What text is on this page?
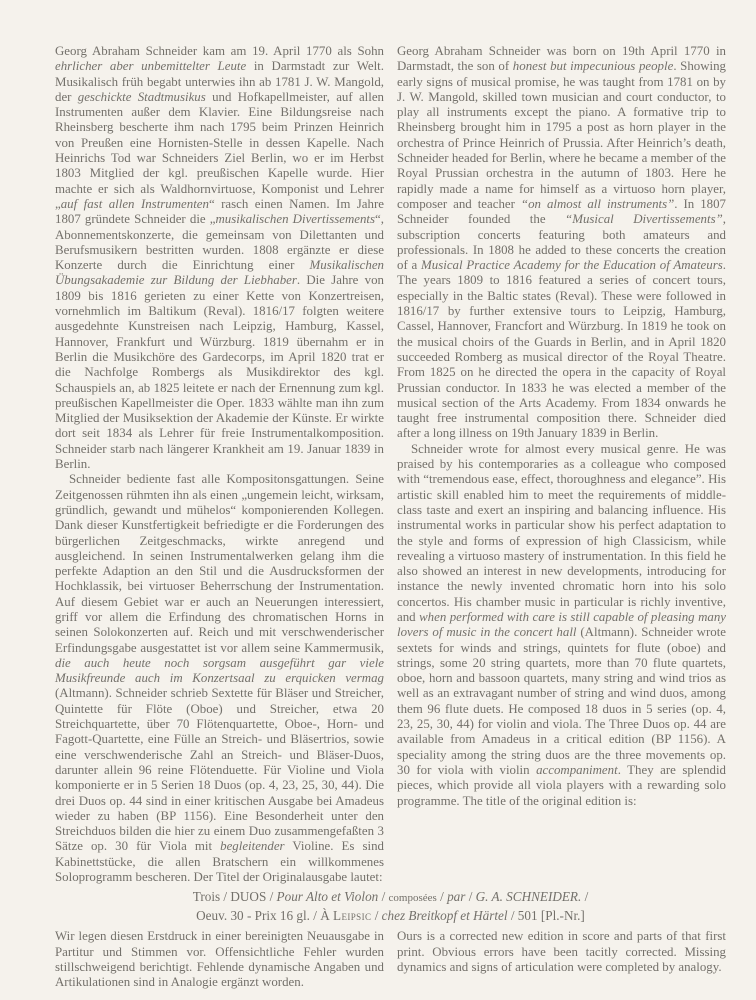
Georg Abraham Schneider kam am 19. April 1770 als Sohn ehrlicher aber unbemittelter Leute in Darmstadt zur Welt. Musikalisch früh begabt unterwies ihn ab 1781 J. W. Mangold, der geschickte Stadtmusikus und Hofkapellmeister, auf allen Instrumenten außer dem Klavier. Eine Bildungsreise nach Rheinsberg bescherte ihm nach 1795 beim Prinzen Heinrich von Preußen eine Hornisten-Stelle in dessen Kapelle. Nach Heinrichs Tod war Schneiders Ziel Berlin, wo er im Herbst 1803 Mitglied der kgl. preußischen Kapelle wurde. Hier machte er sich als Waldhornvirtuose, Komponist und Lehrer „auf fast allen Instrumenten“ rasch einen Namen. Im Jahre 1807 gründete Schneider die „musikalischen Divertissements“, Abonnementskonzerte, die gemeinsam von Dilettanten und Berufsmusikern bestritten wurden. 1808 ergänzte er diese Konzerte durch die Einrichtung einer Musikalischen Übungsakademie zur Bildung der Liebhaber. Die Jahre von 1809 bis 1816 gerieten zu einer Kette von Konzertreisen, vornehmlich im Baltikum (Reval). 1816/17 folgten weitere ausgedehnte Kunstreisen nach Leipzig, Hamburg, Kassel, Hannover, Frankfurt und Würzburg. 1819 übernahm er in Berlin die Musikchöre des Gardecorps, im April 1820 trat er die Nachfolge Rombergs als Musikdirektor des kgl. Schauspiels an, ab 1825 leitete er nach der Ernennung zum kgl. preußischen Kapellmeister die Oper. 1833 wählte man ihn zum Mitglied der Musiksektion der Akademie der Künste. Er wirkte dort seit 1834 als Lehrer für freie Instrumentalkomposition. Schneider starb nach längerer Krankheit am 19. Januar 1839 in Berlin.

Schneider bediente fast alle Kompositonsgattungen. Seine Zeitgenossen rühmten ihn als einen „ungemein leicht, wirksam, gründlich, gewandt und mühelos“ komponierenden Kollegen. Dank dieser Kunstfertigkeit befriedigte er die Forderungen des bürgerlichen Zeitgeschmacks, wirkte anregend und ausgleichend. In seinen Instrumentalwerken gelang ihm die perfekte Adaption an den Stil und die Ausdrucksformen der Hochklassik, bei virtuoser Beherrschung der Instrumentation. Auf diesem Gebiet war er auch an Neuerungen interessiert, griff vor allem die Erfindung des chromatischen Horns in seinen Solokonzerten auf. Reich und mit verschwenderischer Erfindungsgabe ausgestattet ist vor allem seine Kammermusik, die auch heute noch sorgsam ausgeführt gar viele Musikfreunde auch im Konzertsaal zu erquicken vermag (Altmann). Schneider schrieb Sextette für Bläser und Streicher, Quintette für Flöte (Oboe) und Streicher, etwa 20 Streichquartette, über 70 Flötenquartette, Oboe-, Horn- und Fagott-Quartette, eine Fülle an Streich- und Bläsertrios, sowie eine verschwenderische Zahl an Streich- und Bläser-Duos, darunter allein 96 reine Flötenduette. Für Violine und Viola komponierte er in 5 Serien 18 Duos (op. 4, 23, 25, 30, 44). Die drei Duos op. 44 sind in einer kritischen Ausgabe bei Amadeus wieder zu haben (BP 1156). Eine Besonderheit unter den Streichduos bilden die hier zu einem Duo zusammengefaßten 3 Sätze op. 30 für Viola mit begleitender Violine. Es sind Kabinettstücke, die allen Bratschern ein willkommenes Soloprogramm bescheren. Der Titel der Originalausgabe lautet:

Georg Abraham Schneider was born on 19th April 1770 in Darmstadt, the son of honest but impecunious people. Showing early signs of musical promise, he was taught from 1781 on by J. W. Mangold, skilled town musician and court conductor, to play all instruments except the piano. A formative trip to Rheinsberg brought him in 1795 a post as horn player in the orchestra of Prince Heinrich of Prussia. After Heinrich’s death, Schneider headed for Berlin, where he became a member of the Royal Prussian orchestra in the autumn of 1803. Here he rapidly made a name for himself as a virtuoso horn player, composer and teacher “on almost all instruments”. In 1807 Schneider founded the “Musical Divertissements”, subscription concerts featuring both amateurs and professionals. In 1808 he added to these concerts the creation of a Musical Practice Academy for the Education of Amateurs. The years 1809 to 1816 featured a series of concert tours, especially in the Baltic states (Reval). These were followed in 1816/17 by further extensive tours to Leipzig, Hamburg, Cassel, Hannover, Francfort and Würzburg. In 1819 he took on the musical choirs of the Guards in Berlin, and in April 1820 succeeded Romberg as musical director of the Royal Theatre. From 1825 on he directed the opera in the capacity of Royal Prussian conductor. In 1833 he was elected a member of the musical section of the Arts Academy. From 1834 onwards he taught free instrumental composition there. Schneider died after a long illness on 19th January 1839 in Berlin.

Schneider wrote for almost every musical genre. He was praised by his contemporaries as a colleague who composed with “tremendous ease, effect, thoroughness and elegance”. His artistic skill enabled him to meet the requirements of middle-class taste and exert an inspiring and balancing influence. His instrumental works in particular show his perfect adaptation to the style and forms of expression of high Classicism, while revealing a virtuoso mastery of instrumentation. In this field he also showed an interest in new developments, introducing for instance the newly invented chromatic horn into his solo concertos. His chamber music in particular is richly inventive, and when performed with care is still capable of pleasing many lovers of music in the concert hall (Altmann). Schneider wrote sextets for winds and strings, quintets for flute (oboe) and strings, some 20 string quartets, more than 70 flute quartets, oboe, horn and bassoon quartets, many string and wind trios as well as an extravagant number of string and wind duos, among them 96 flute duets. He composed 18 duos in 5 series (op. 4, 23, 25, 30, 44) for violin and viola. The Three Duos op. 44 are available from Amadeus in a critical edition (BP 1156). A speciality among the string duos are the three movements op. 30 for viola with violin accompaniment. They are splendid pieces, which provide all viola players with a rewarding solo programme. The title of the original edition is:

Trois / DUOS / Pour Alto et Violon / composées / par / G. A. SCHNEIDER. /
Oeuv. 30 - Prix 16 gl. / À Leipsic / chez Breitkopf et Härtel / 501 [Pl.-Nr.]

Wir legen diesen Erstdruck in einer bereinigten Neuausgabe in Partitur und Stimmen vor. Offensichtliche Fehler wurden stillschweigend berichtigt. Fehlende dynamische Angaben und Artikulationen sind in Analogie ergänzt worden.

Ours is a corrected new edition in score and parts of that first print. Obvious errors have been tacitly corrected. Missing dynamics and signs of articulation were completed by analogy.
